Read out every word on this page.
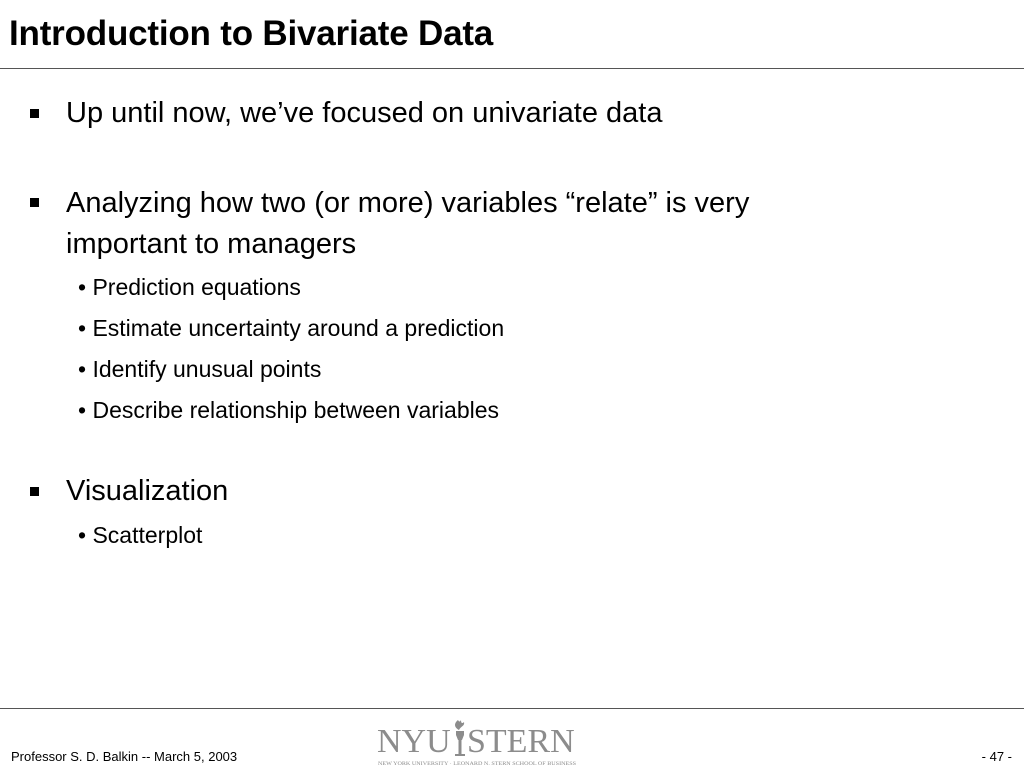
Introduction to Bivariate Data
Up until now, we’ve focused on univariate data
Analyzing how two (or more) variables “relate” is very
important to managers
• Prediction equations
• Estimate uncertainty around a prediction
• Identify unusual points
• Describe relationship between variables
Visualization
• Scatterplot
Professor S. D. Balkin -- March 5, 2003	NYU STERN
NEW YORK UNIVERSITY · LEONARD N. STERN SCHOOL OF BUSINESS
- 47 -
